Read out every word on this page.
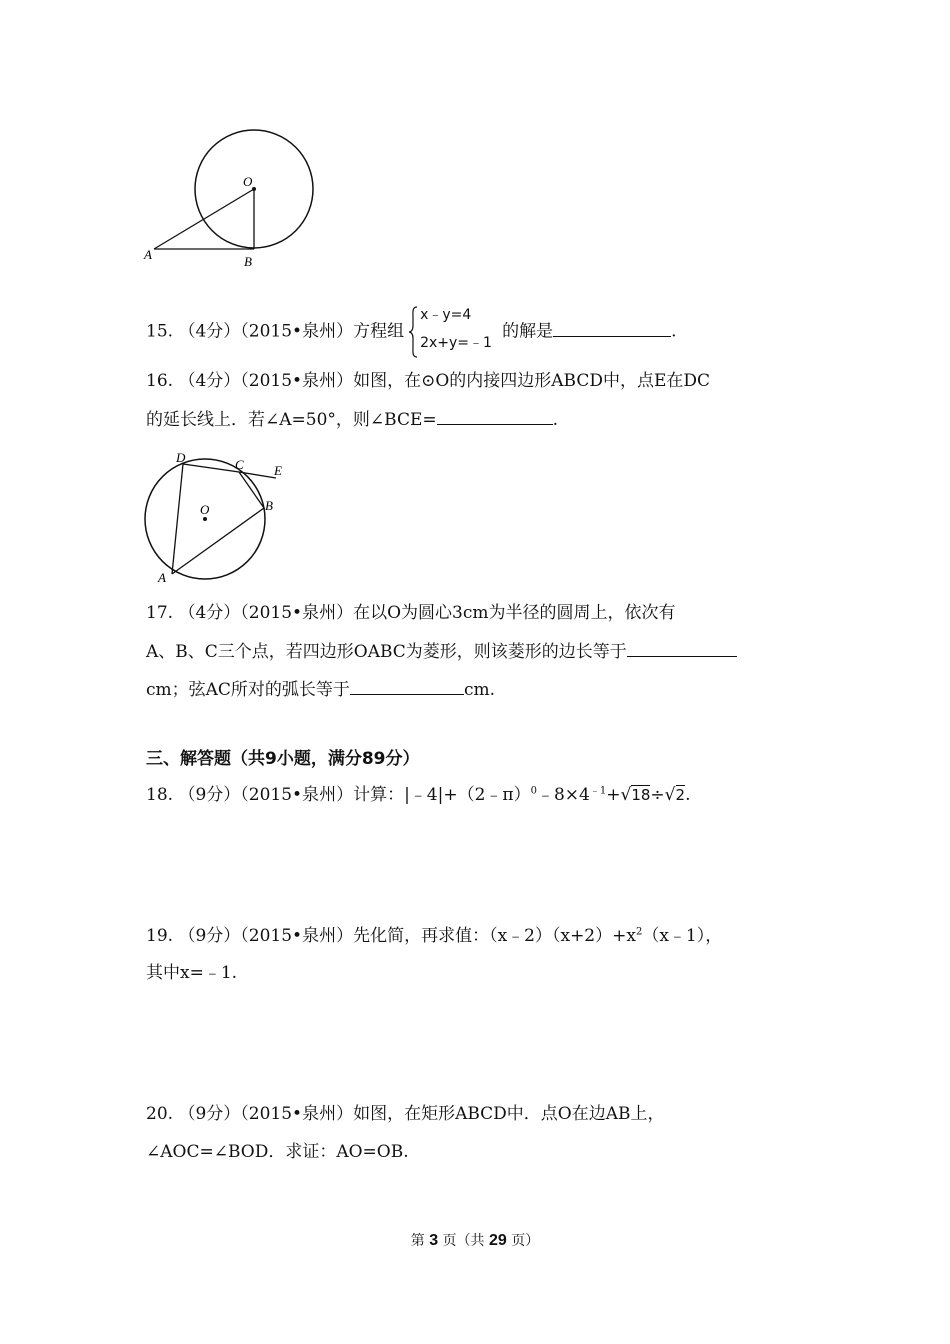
O
A	B
15. （4分）（2015•泉州）方程组
x﹣y=4
2x+y=﹣1
的解是	.
16. （4分）（2015•泉州）如图，在⊙O的内接四边形ABCD中，点E在DC
的延长线上．若∠A=50°，则∠BCE=	.
D	C E
B
O
A
17. （4分）（2015•泉州）在以O为圆心3cm为半径的圆周上，依次有
A、B、C三个点，若四边形OABC为菱形，则该菱形的边长等于
cm；弦AC所对的弧长等于	cm.
三、解答题（共9小题，满分89分）
18. （9分）（2015•泉州）计算：$|﹣4|+(2﹣\pi)^0﹣8\times 4^{﹣1}+√18\div√2$.
19. （9分）（2015•泉州）先化简，再求值：$(x﹣2)(x+2)+x^2(x﹣1)$，
其中x=﹣1.
20. （9分）（2015•泉州）如图，在矩形ABCD中．点O在边AB上，
∠AOC=∠BOD．求证：AO=OB.
第 3 页（共 29 页）
